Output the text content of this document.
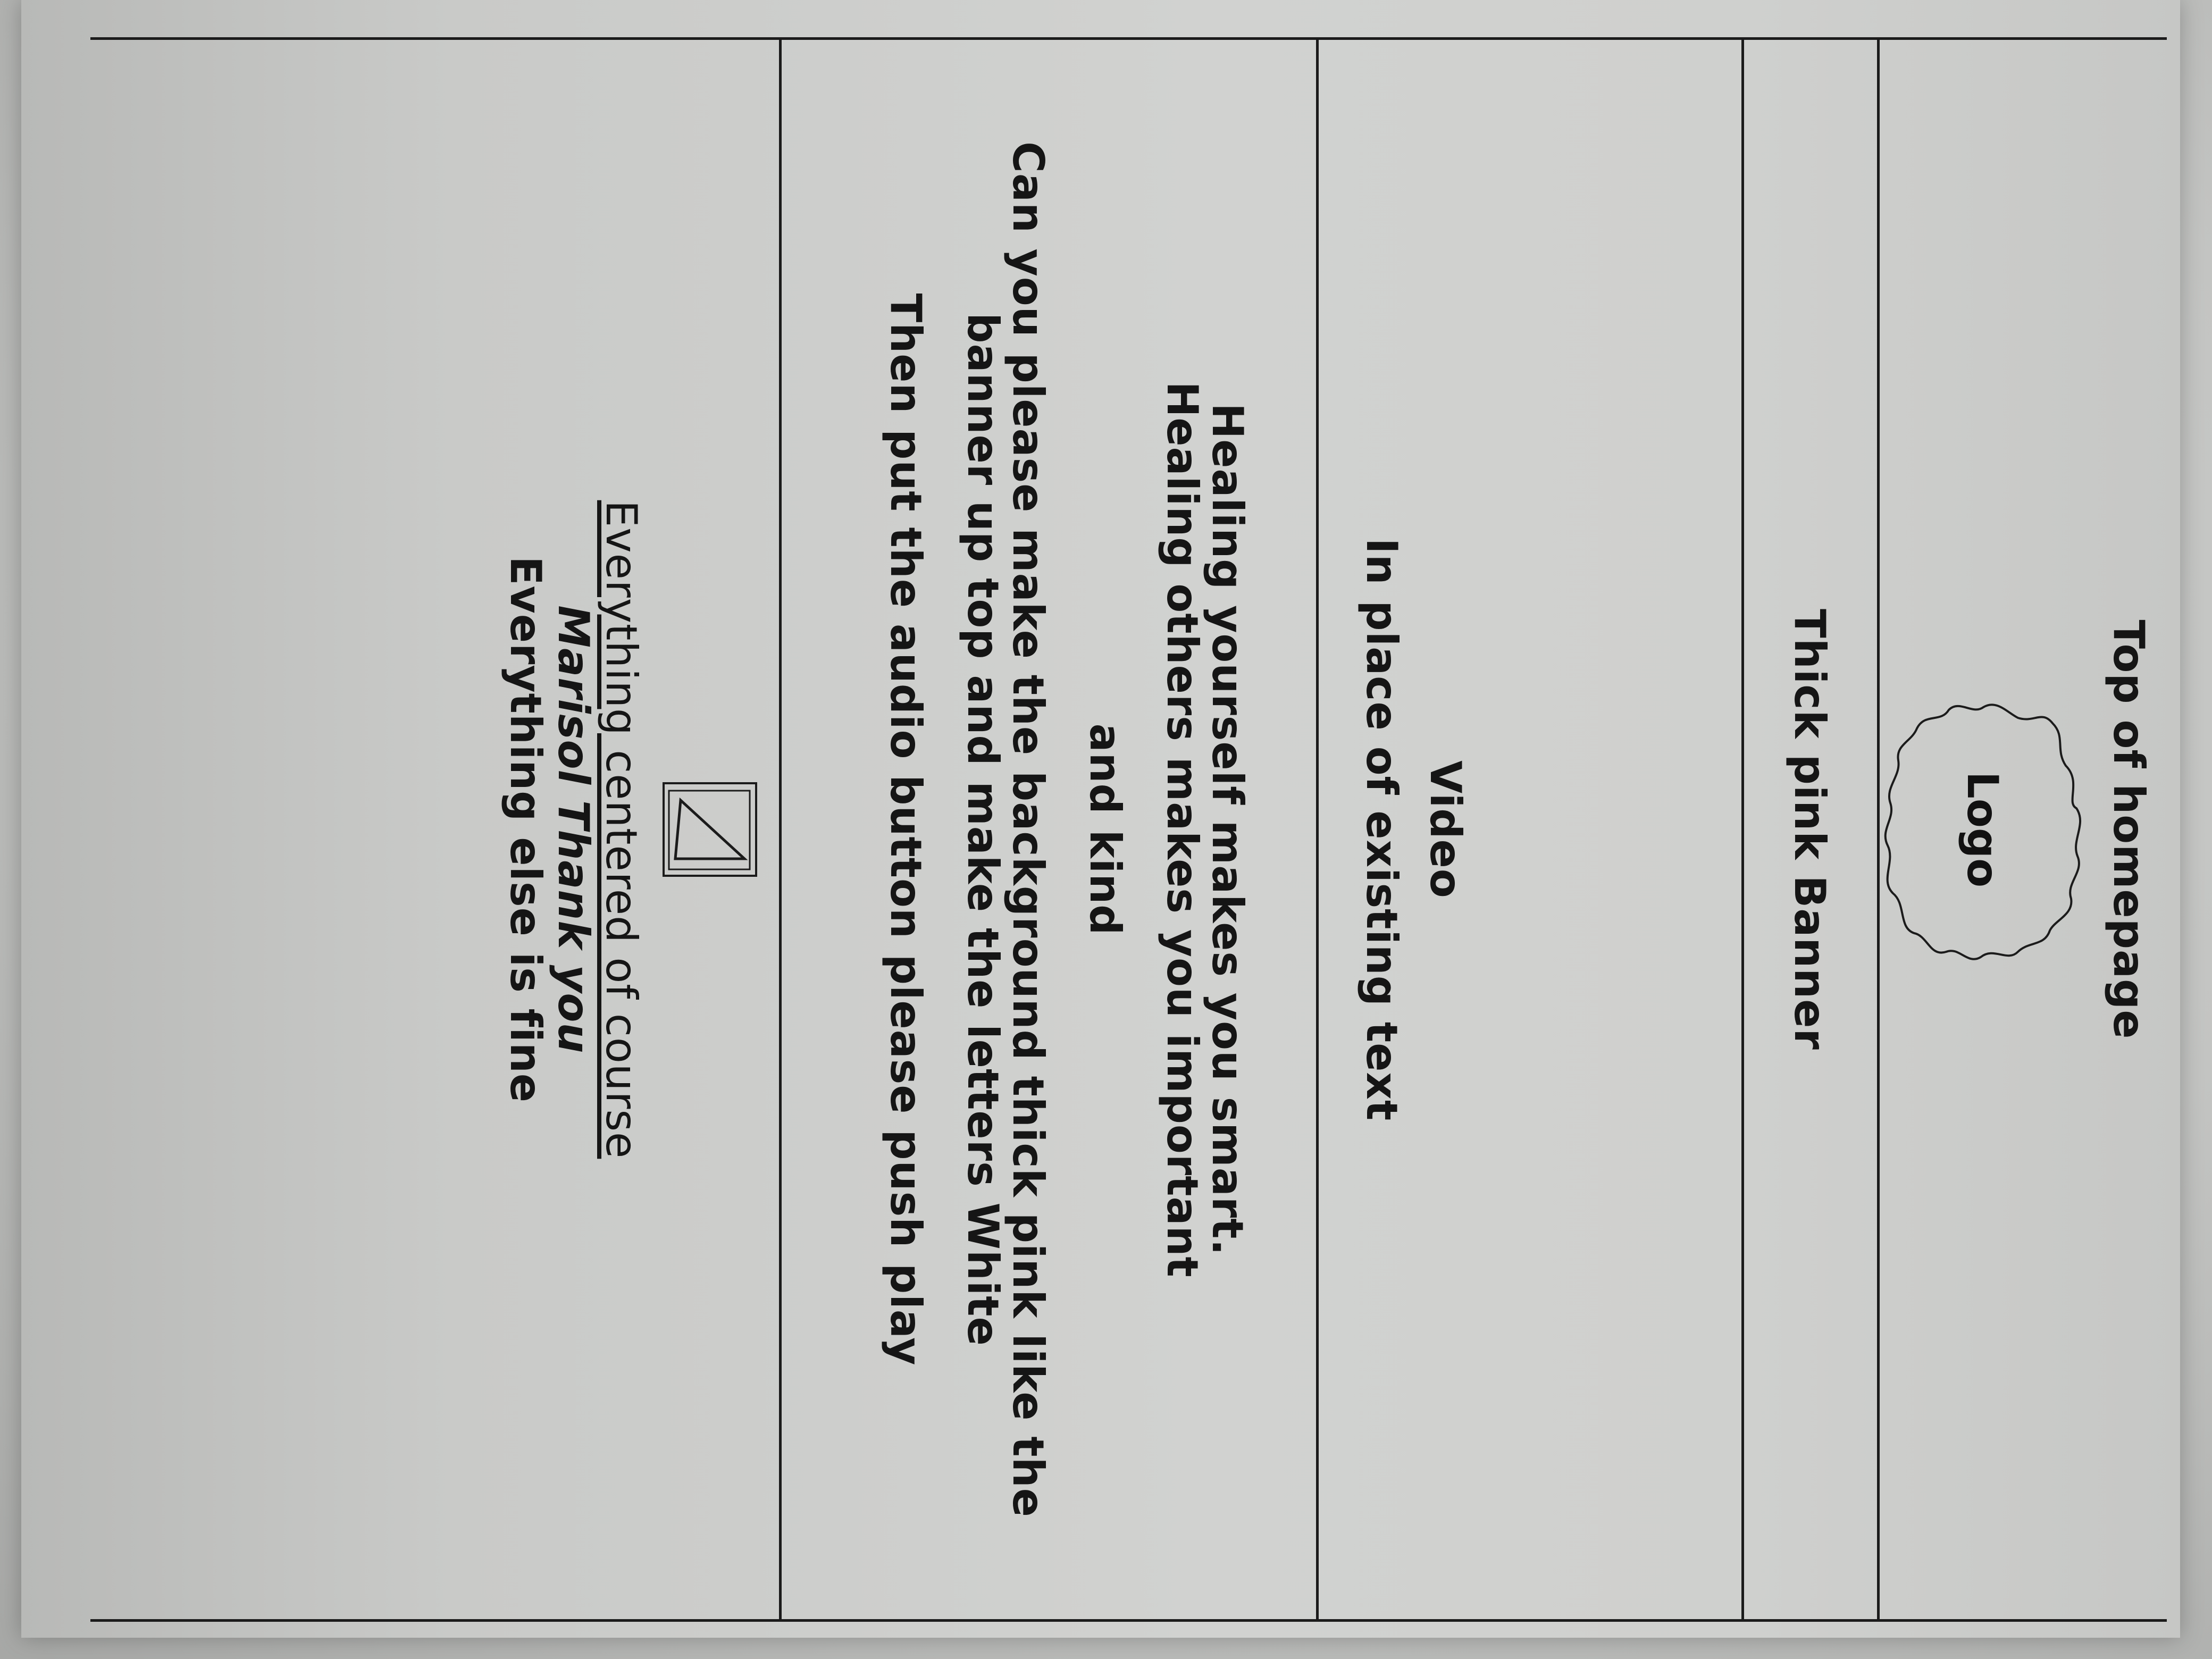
Top of homepage
Logo
Thick pink Banner
Video
In place of existing text
Healing yourself makes you smart.
Healing others makes you important
and kind
Can you please make the background thick pink like the
banner up top and make the letters White
Then put the audio button please push play
Everything centered of course
Marisol Thank you
Everything else is fine
